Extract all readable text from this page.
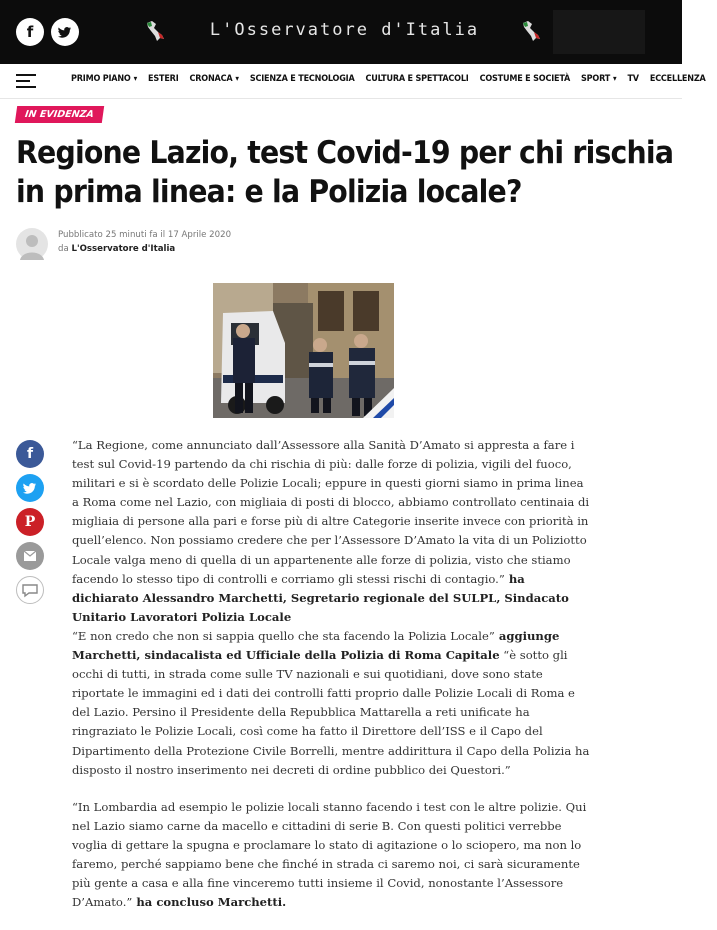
f	L'Osservatore d'Italia
PRIMO PIANO ▾ ESTERI CRONACA ▾ SCIENZA E TECNOLOGIA CULTURA E SPETTACOLI COSTUME E SOCIETÀ SPORT ▾ TV ECCELLENZA
IN EVIDENZA
Regione Lazio, test Covid-19 per chi rischia in prima linea: e la Polizia locale?
Pubblicato 25 minuti fa il 17 Aprile 2020
da L'Osservatore d'Italia
f
P

“La Regione, come annunciato dall’Assessore alla Sanità D’Amato si appresta a fare i test sul Covid-19 partendo da chi rischia di più: dalle forze di polizia, vigili del fuoco, militari e si è scordato delle Polizie Locali; eppure in questi giorni siamo in prima linea a Roma come nel Lazio, con migliaia di posti di blocco, abbiamo controllato centinaia di migliaia di persone alla pari e forse più di altre Categorie inserite invece con priorità in quell’elenco. Non possiamo credere che per l’Assessore D’Amato la vita di un Poliziotto Locale valga meno di quella di un appartenente alle forze di polizia, visto che stiamo facendo lo stesso tipo di controlli e corriamo gli stessi rischi di contagio.” ha dichiarato Alessandro Marchetti, Segretario regionale del SULPL, Sindacato Unitario Lavoratori Polizia Locale
“E non credo che non si sappia quello che sta facendo la Polizia Locale” aggiunge Marchetti, sindacalista ed Ufficiale della Polizia di Roma Capitale “è sotto gli occhi di tutti, in strada come sulle TV nazionali e sui quotidiani, dove sono state riportate le immagini ed i dati dei controlli fatti proprio dalle Polizie Locali di Roma e del Lazio. Persino il Presidente della Repubblica Mattarella a reti unificate ha ringraziato le Polizie Locali, così come ha fatto il Direttore dell’ISS e il Capo del Dipartimento della Protezione Civile Borrelli, mentre addirittura il Capo della Polizia ha disposto il nostro inserimento nei decreti di ordine pubblico dei Questori.”

“In Lombardia ad esempio le polizie locali stanno facendo i test con le altre polizie. Qui nel Lazio siamo carne da macello e cittadini di serie B. Con questi politici verrebbe voglia di gettare la spugna e proclamare lo stato di agitazione o lo sciopero, ma non lo faremo, perché sappiamo bene che finché in strada ci saremo noi, ci sarà sicuramente più gente a casa e alla fine vinceremo tutti insieme il Covid, nonostante l’Assessore D’Amato.” ha concluso Marchetti.
